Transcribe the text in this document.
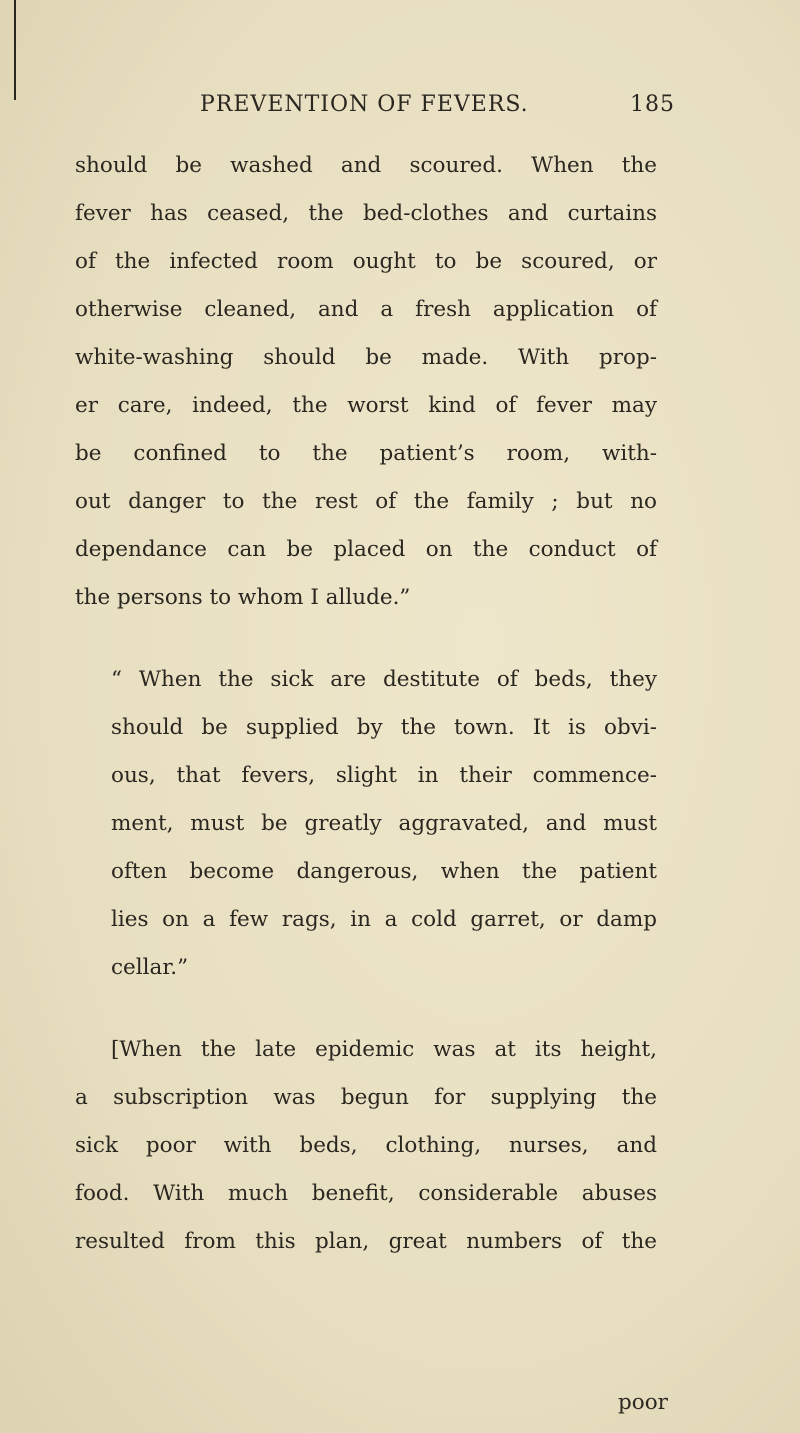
PREVENTION OF FEVERS.	185
should be washed and scoured. When the
fever has ceased, the bed-clothes and curtains
of the infected room ought to be scoured, or
otherwise cleaned, and a fresh application of
white-washing should be made. With prop-
er care, indeed, the worst kind of fever may
be confined to the patient’s room, with-
out danger to the rest of the family ; but no
dependance can be placed on the conduct of
the persons to whom I allude.”
“ When the sick are destitute of beds, they
should be supplied by the town. It is obvi-
ous, that fevers, slight in their commence-
ment, must be greatly aggravated, and must
often become dangerous, when the patient
lies on a few rags, in a cold garret, or damp
cellar.”
[When the late epidemic was at its height,
a subscription was begun for supplying the
sick poor with beds, clothing, nurses, and
food. With much benefit, considerable abuses
resulted from this plan, great numbers of the
poor
